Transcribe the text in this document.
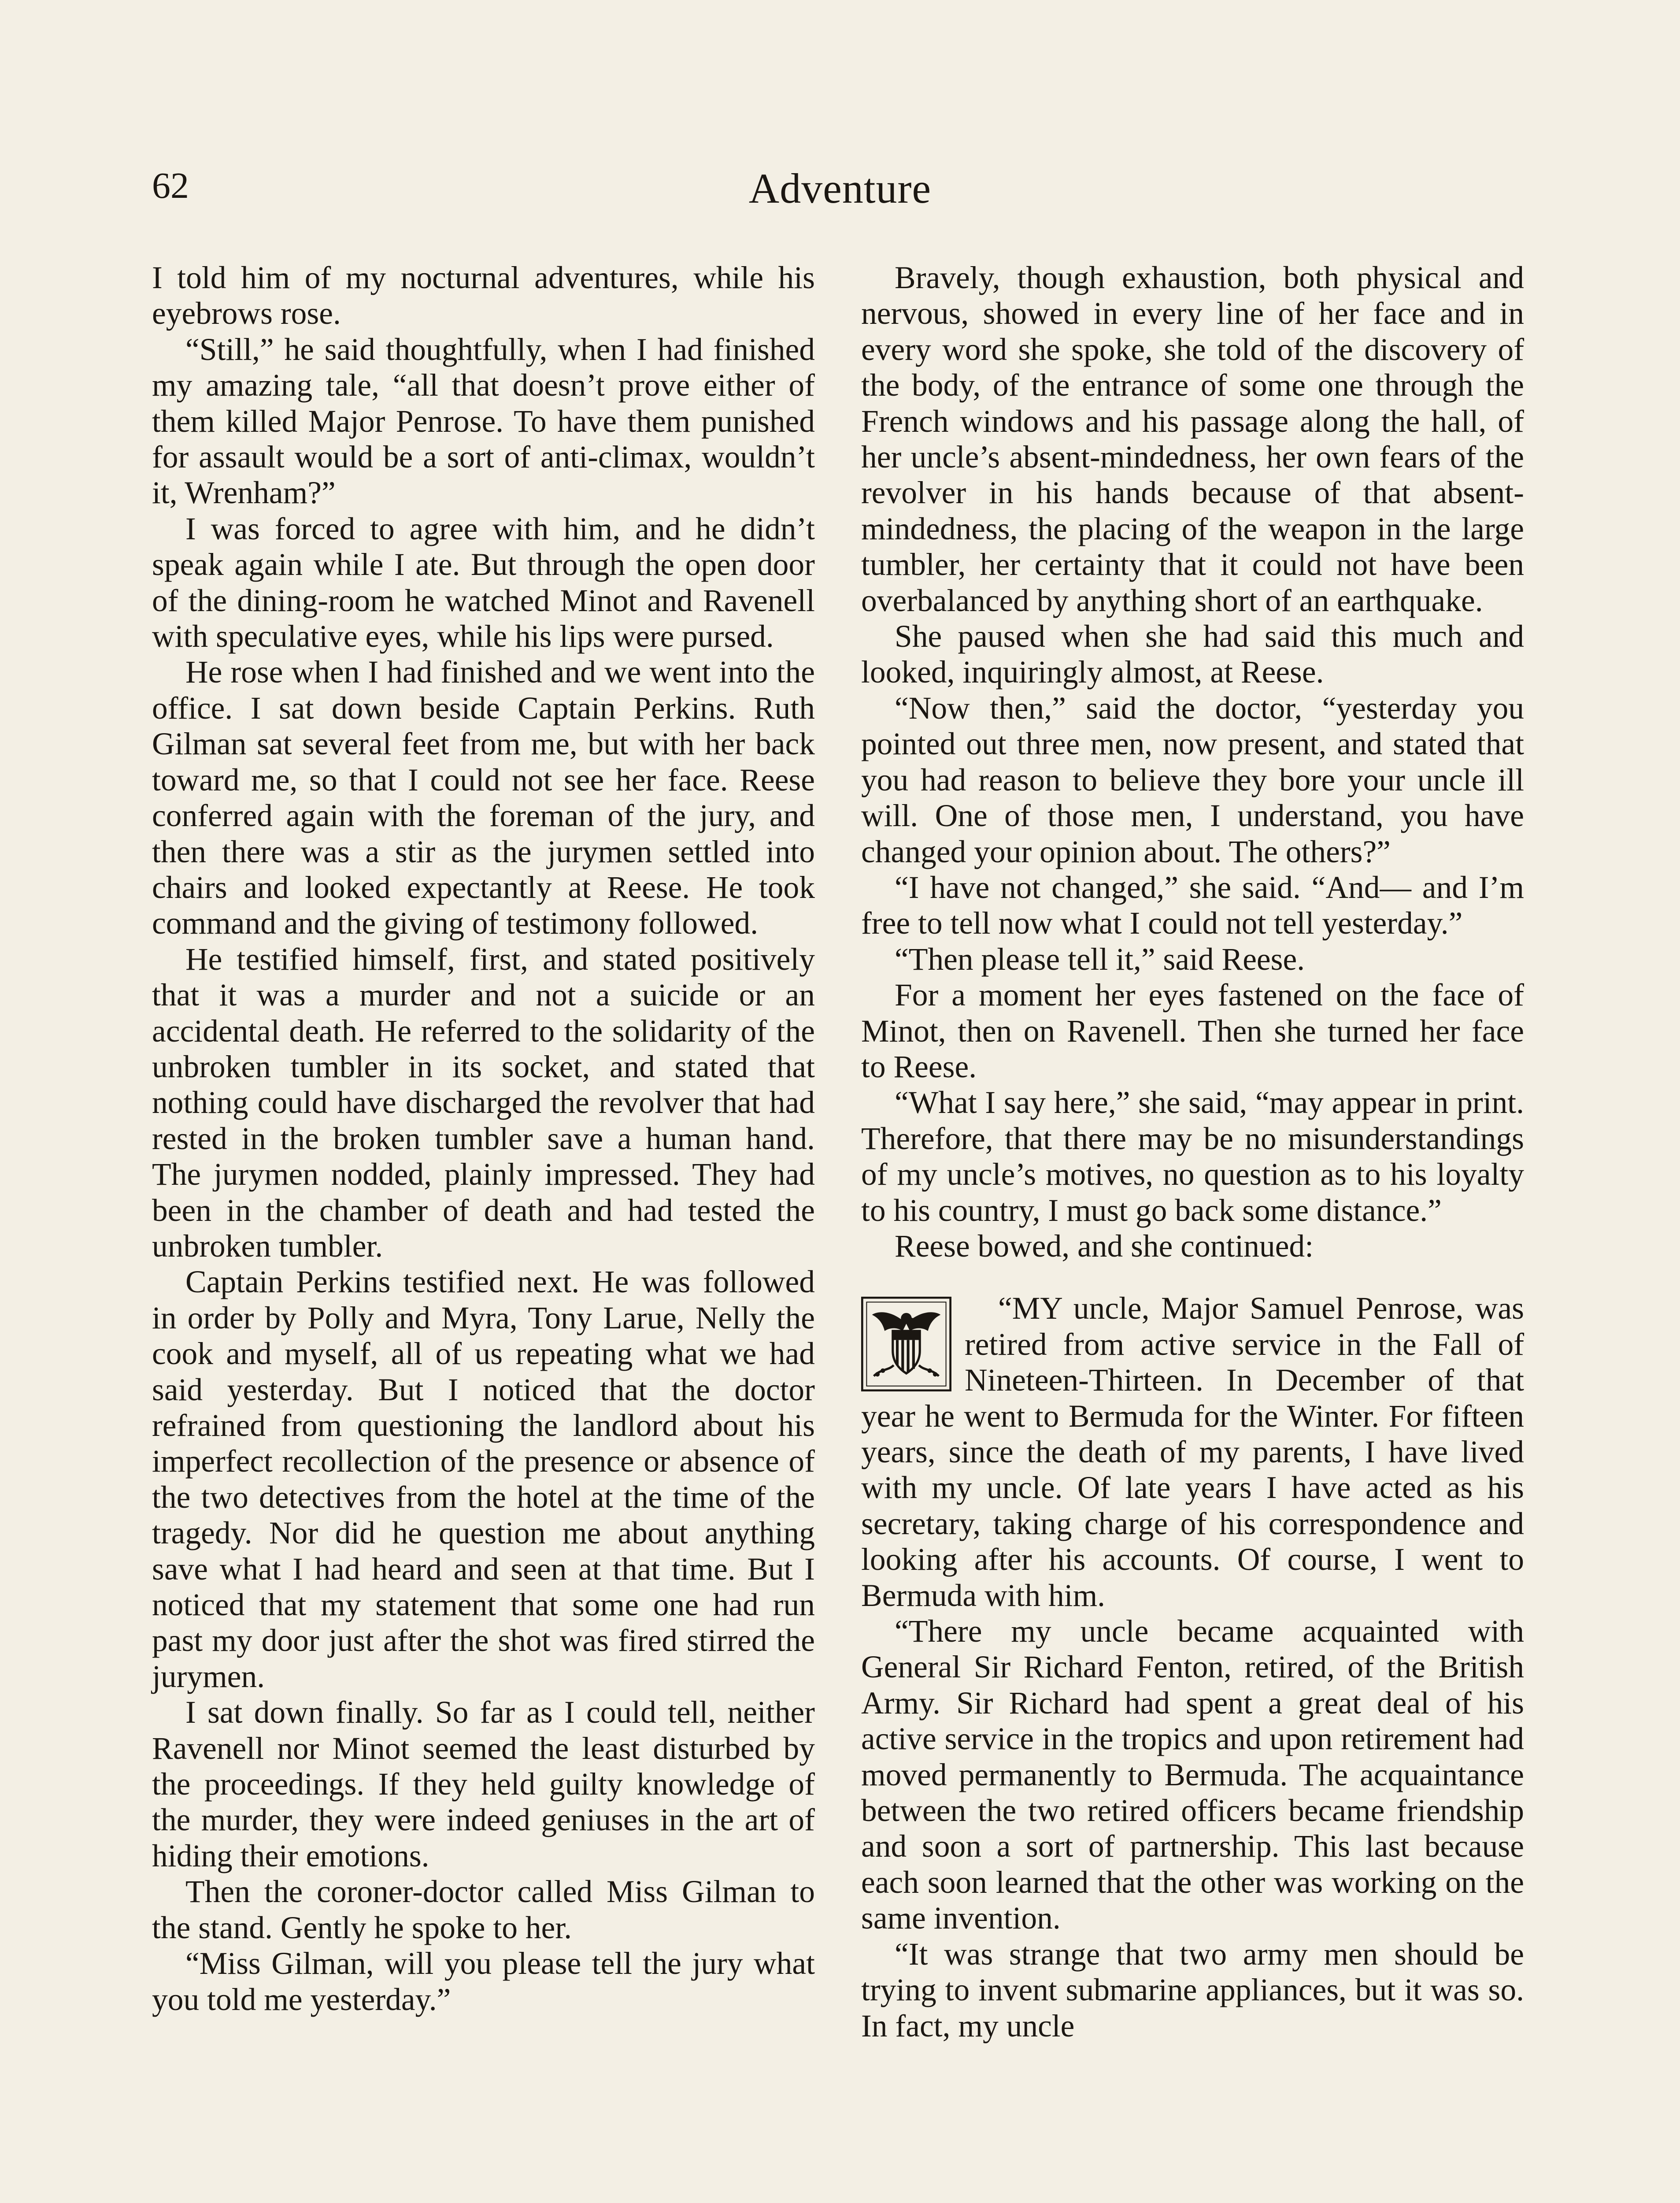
62	Adventure

I told him of my nocturnal adventures, while his eyebrows rose.

“Still,” he said thoughtfully, when I had finished my amazing tale, “all that doesn’t prove either of them killed Major Penrose. To have them punished for assault would be a sort of anti-climax, wouldn’t it, Wrenham?”

I was forced to agree with him, and he didn’t speak again while I ate. But through the open door of the dining-room he watched Minot and Ravenell with speculative eyes, while his lips were pursed.

He rose when I had finished and we went into the office. I sat down beside Captain Perkins. Ruth Gilman sat several feet from me, but with her back toward me, so that I could not see her face. Reese conferred again with the foreman of the jury, and then there was a stir as the jurymen settled into chairs and looked expectantly at Reese. He took command and the giving of testimony followed.

He testified himself, first, and stated positively that it was a murder and not a suicide or an accidental death. He referred to the solidarity of the unbroken tumbler in its socket, and stated that nothing could have discharged the revolver that had rested in the broken tumbler save a human hand. The jurymen nodded, plainly impressed. They had been in the chamber of death and had tested the unbroken tumbler.

Captain Perkins testified next. He was followed in order by Polly and Myra, Tony Larue, Nelly the cook and myself, all of us repeating what we had said yesterday. But I noticed that the doctor refrained from questioning the landlord about his imperfect recollection of the presence or absence of the two detectives from the hotel at the time of the tragedy. Nor did he question me about anything save what I had heard and seen at that time. But I noticed that my statement that some one had run past my door just after the shot was fired stirred the jurymen.

I sat down finally. So far as I could tell, neither Ravenell nor Minot seemed the least disturbed by the proceedings. If they held guilty knowledge of the murder, they were indeed geniuses in the art of hiding their emotions.

Then the coroner-doctor called Miss Gilman to the stand. Gently he spoke to her.

“Miss Gilman, will you please tell the jury what you told me yesterday.”

Bravely, though exhaustion, both physical and nervous, showed in every line of her face and in every word she spoke, she told of the discovery of the body, of the entrance of some one through the French windows and his passage along the hall, of her uncle’s absent-mindedness, her own fears of the revolver in his hands because of that absent-mindedness, the placing of the weapon in the large tumbler, her certainty that it could not have been overbalanced by anything short of an earthquake.

She paused when she had said this much and looked, inquiringly almost, at Reese.

“Now then,” said the doctor, “yesterday you pointed out three men, now present, and stated that you had reason to believe they bore your uncle ill will. One of those men, I understand, you have changed your opinion about. The others?”

“I have not changed,” she said. “And— and I’m free to tell now what I could not tell yesterday.”

“Then please tell it,” said Reese.

For a moment her eyes fastened on the face of Minot, then on Ravenell. Then she turned her face to Reese.

“What I say here,” she said, “may appear in print. Therefore, that there may be no misunderstandings of my uncle’s motives, no question as to his loyalty to his country, I must go back some distance.”

Reese bowed, and she continued:

“MY uncle, Major Samuel Penrose, was retired from active service in the Fall of Nineteen-Thirteen. In December of that year he went to Bermuda for the Winter. For fifteen years, since the death of my parents, I have lived with my uncle. Of late years I have acted as his secretary, taking charge of his correspondence and looking after his accounts. Of course, I went to Bermuda with him.

“There my uncle became acquainted with General Sir Richard Fenton, retired, of the British Army. Sir Richard had spent a great deal of his active service in the tropics and upon retirement had moved permanently to Bermuda. The acquaintance between the two retired officers became friendship and soon a sort of partnership. This last because each soon learned that the other was working on the same invention.

“It was strange that two army men should be trying to invent submarine appliances, but it was so. In fact, my uncle
